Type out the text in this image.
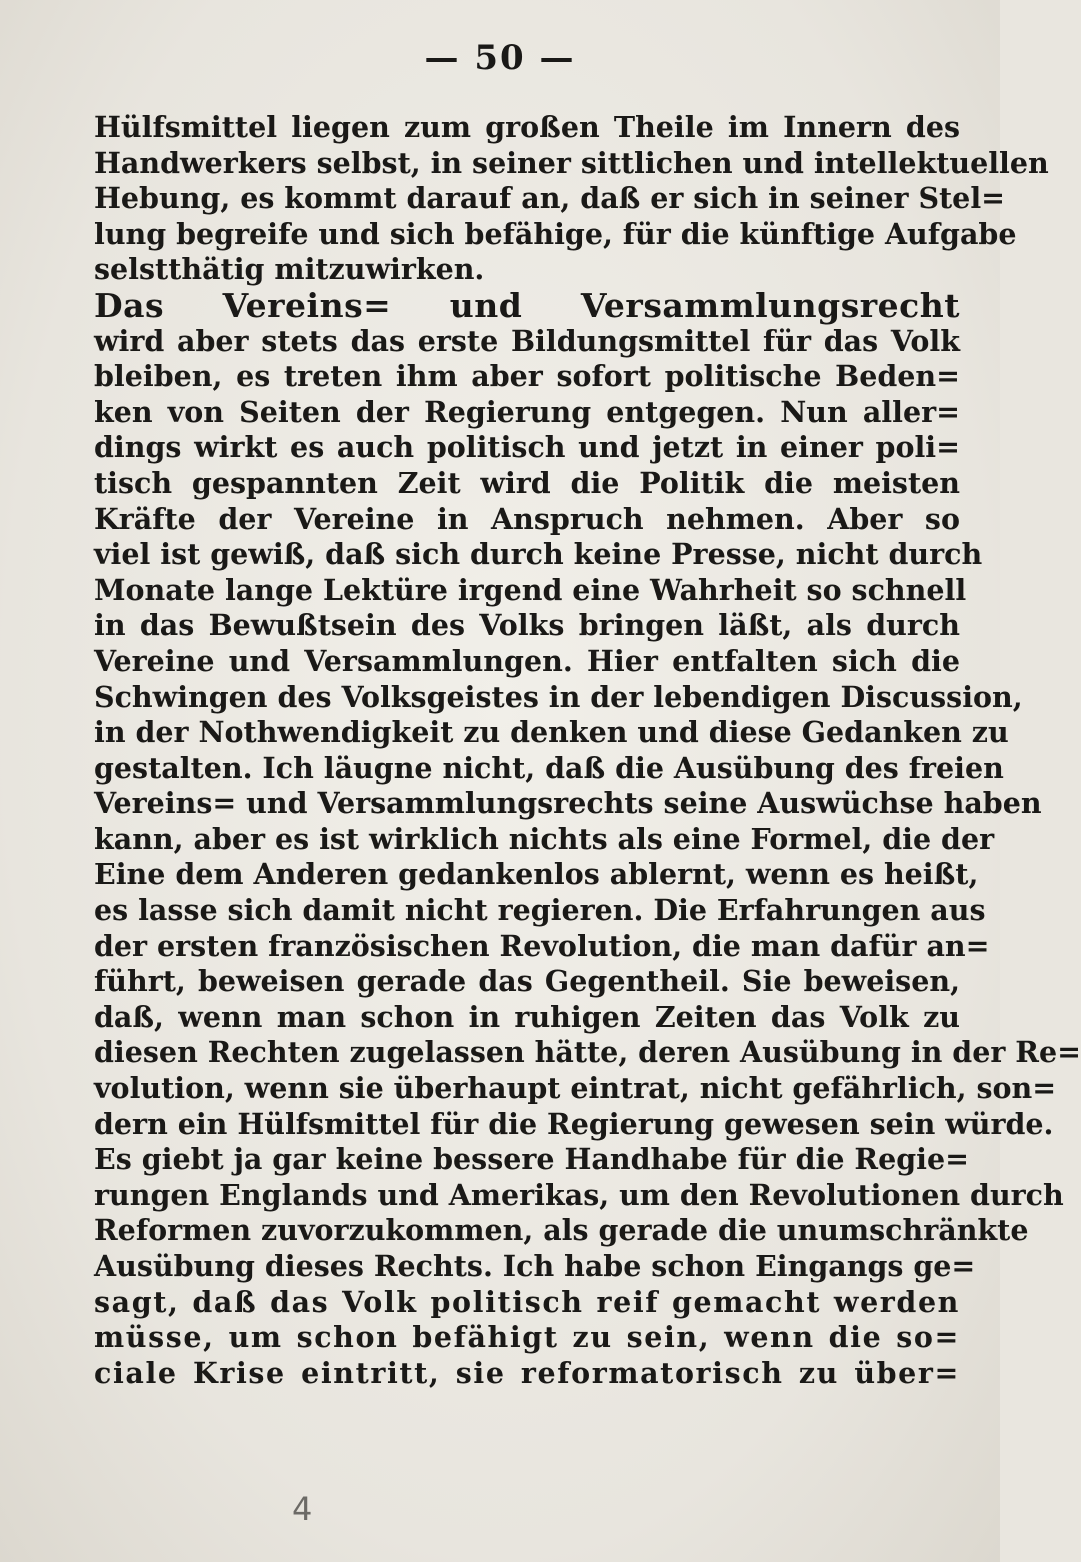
— 50 —
Hülfsmittel liegen zum großen Theile im Innern des
Handwerkers selbst, in seiner sittlichen und intellektuellen
Hebung, es kommt darauf an, daß er sich in seiner Stel=
lung begreife und sich befähige, für die künftige Aufgabe
selstthätig mitzuwirken.
Das Vereins= und Versammlungsrecht
wird aber stets das erste Bildungsmittel für das Volk
bleiben, es treten ihm aber sofort politische Beden=
ken von Seiten der Regierung entgegen. Nun aller=
dings wirkt es auch politisch und jetzt in einer poli=
tisch gespannten Zeit wird die Politik die meisten
Kräfte der Vereine in Anspruch nehmen. Aber so
viel ist gewiß, daß sich durch keine Presse, nicht durch
Monate lange Lektüre irgend eine Wahrheit so schnell
in das Bewußtsein des Volks bringen läßt, als durch
Vereine und Versammlungen. Hier entfalten sich die
Schwingen des Volksgeistes in der lebendigen Discussion,
in der Nothwendigkeit zu denken und diese Gedanken zu
gestalten. Ich läugne nicht, daß die Ausübung des freien
Vereins= und Versammlungsrechts seine Auswüchse haben
kann, aber es ist wirklich nichts als eine Formel, die der
Eine dem Anderen gedankenlos ablernt, wenn es heißt,
es lasse sich damit nicht regieren. Die Erfahrungen aus
der ersten französischen Revolution, die man dafür an=
führt, beweisen gerade das Gegentheil. Sie beweisen,
daß, wenn man schon in ruhigen Zeiten das Volk zu
diesen Rechten zugelassen hätte, deren Ausübung in der Re=
volution, wenn sie überhaupt eintrat, nicht gefährlich, son=
dern ein Hülfsmittel für die Regierung gewesen sein würde.
Es giebt ja gar keine bessere Handhabe für die Regie=
rungen Englands und Amerikas, um den Revolutionen durch
Reformen zuvorzukommen, als gerade die unumschränkte
Ausübung dieses Rechts. Ich habe schon Eingangs ge=
sagt, daß das Volk politisch reif gemacht werden
müsse, um schon befähigt zu sein, wenn die so=
ciale Krise eintritt, sie reformatorisch zu über=
4
